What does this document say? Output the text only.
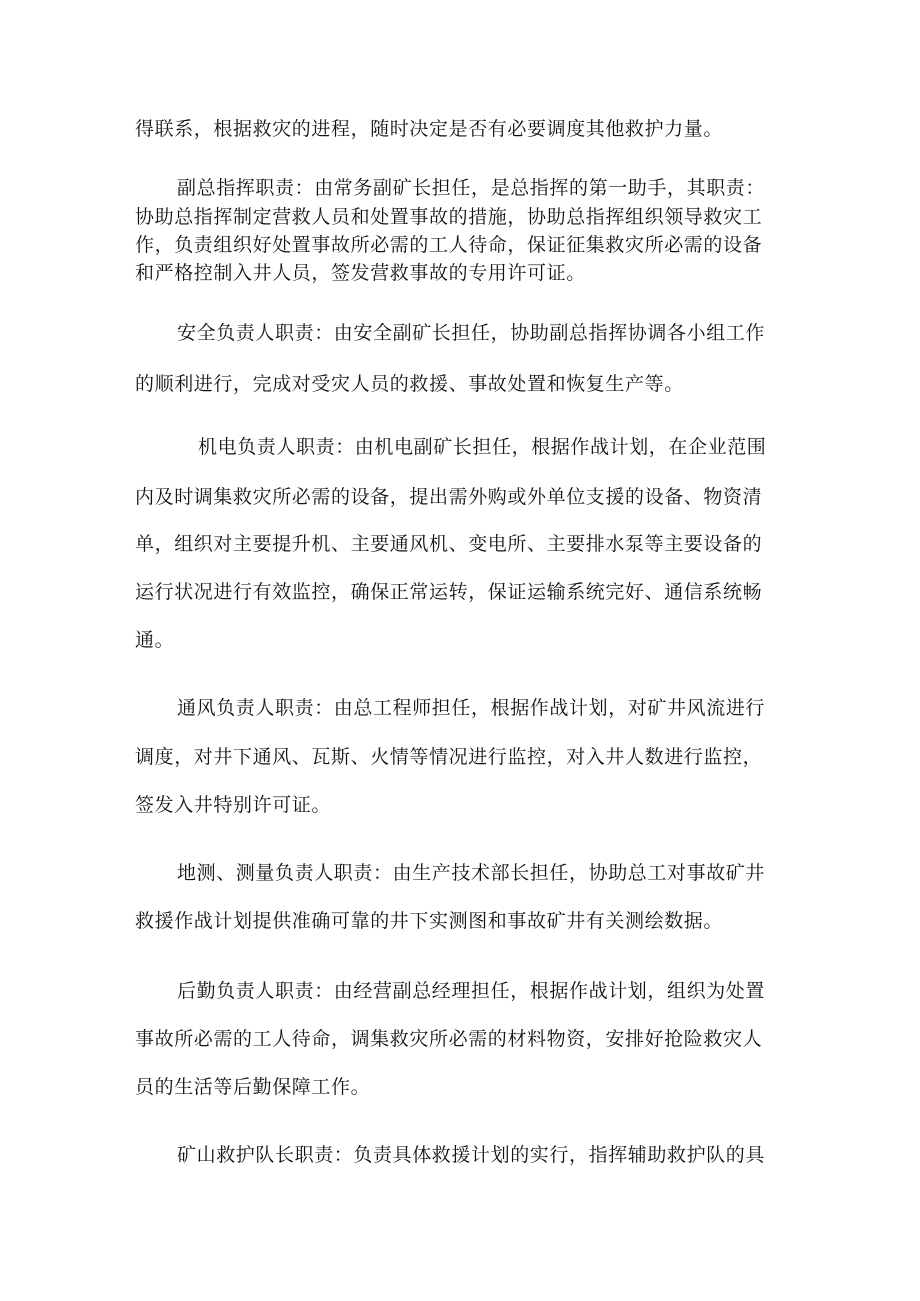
得联系，根据救灾的进程，随时决定是否有必要调度其他救护力量。
副总指挥职责：由常务副矿长担任，是总指挥的第一助手，其职责：
协助总指挥制定营救人员和处置事故的措施，协助总指挥组织领导救灾工
作，负责组织好处置事故所必需的工人待命，保证征集救灾所必需的设备
和严格控制入井人员，签发营救事故的专用许可证。
安全负责人职责：由安全副矿长担任，协助副总指挥协调各小组工作
的顺利进行，完成对受灾人员的救援、事故处置和恢复生产等。
机电负责人职责：由机电副矿长担任，根据作战计划，在企业范围
内及时调集救灾所必需的设备，提出需外购或外单位支援的设备、物资清
单，组织对主要提升机、主要通风机、变电所、主要排水泵等主要设备的
运行状况进行有效监控，确保正常运转，保证运输系统完好、通信系统畅
通。
通风负责人职责：由总工程师担任，根据作战计划，对矿井风流进行
调度，对井下通风、瓦斯、火情等情况进行监控，对入井人数进行监控，
签发入井特别许可证。
地测、测量负责人职责：由生产技术部长担任，协助总工对事故矿井
救援作战计划提供准确可靠的井下实测图和事故矿井有关测绘数据。
后勤负责人职责：由经营副总经理担任，根据作战计划，组织为处置
事故所必需的工人待命，调集救灾所必需的材料物资，安排好抢险救灾人
员的生活等后勤保障工作。
矿山救护队长职责：负责具体救援计划的实行，指挥辅助救护队的具
